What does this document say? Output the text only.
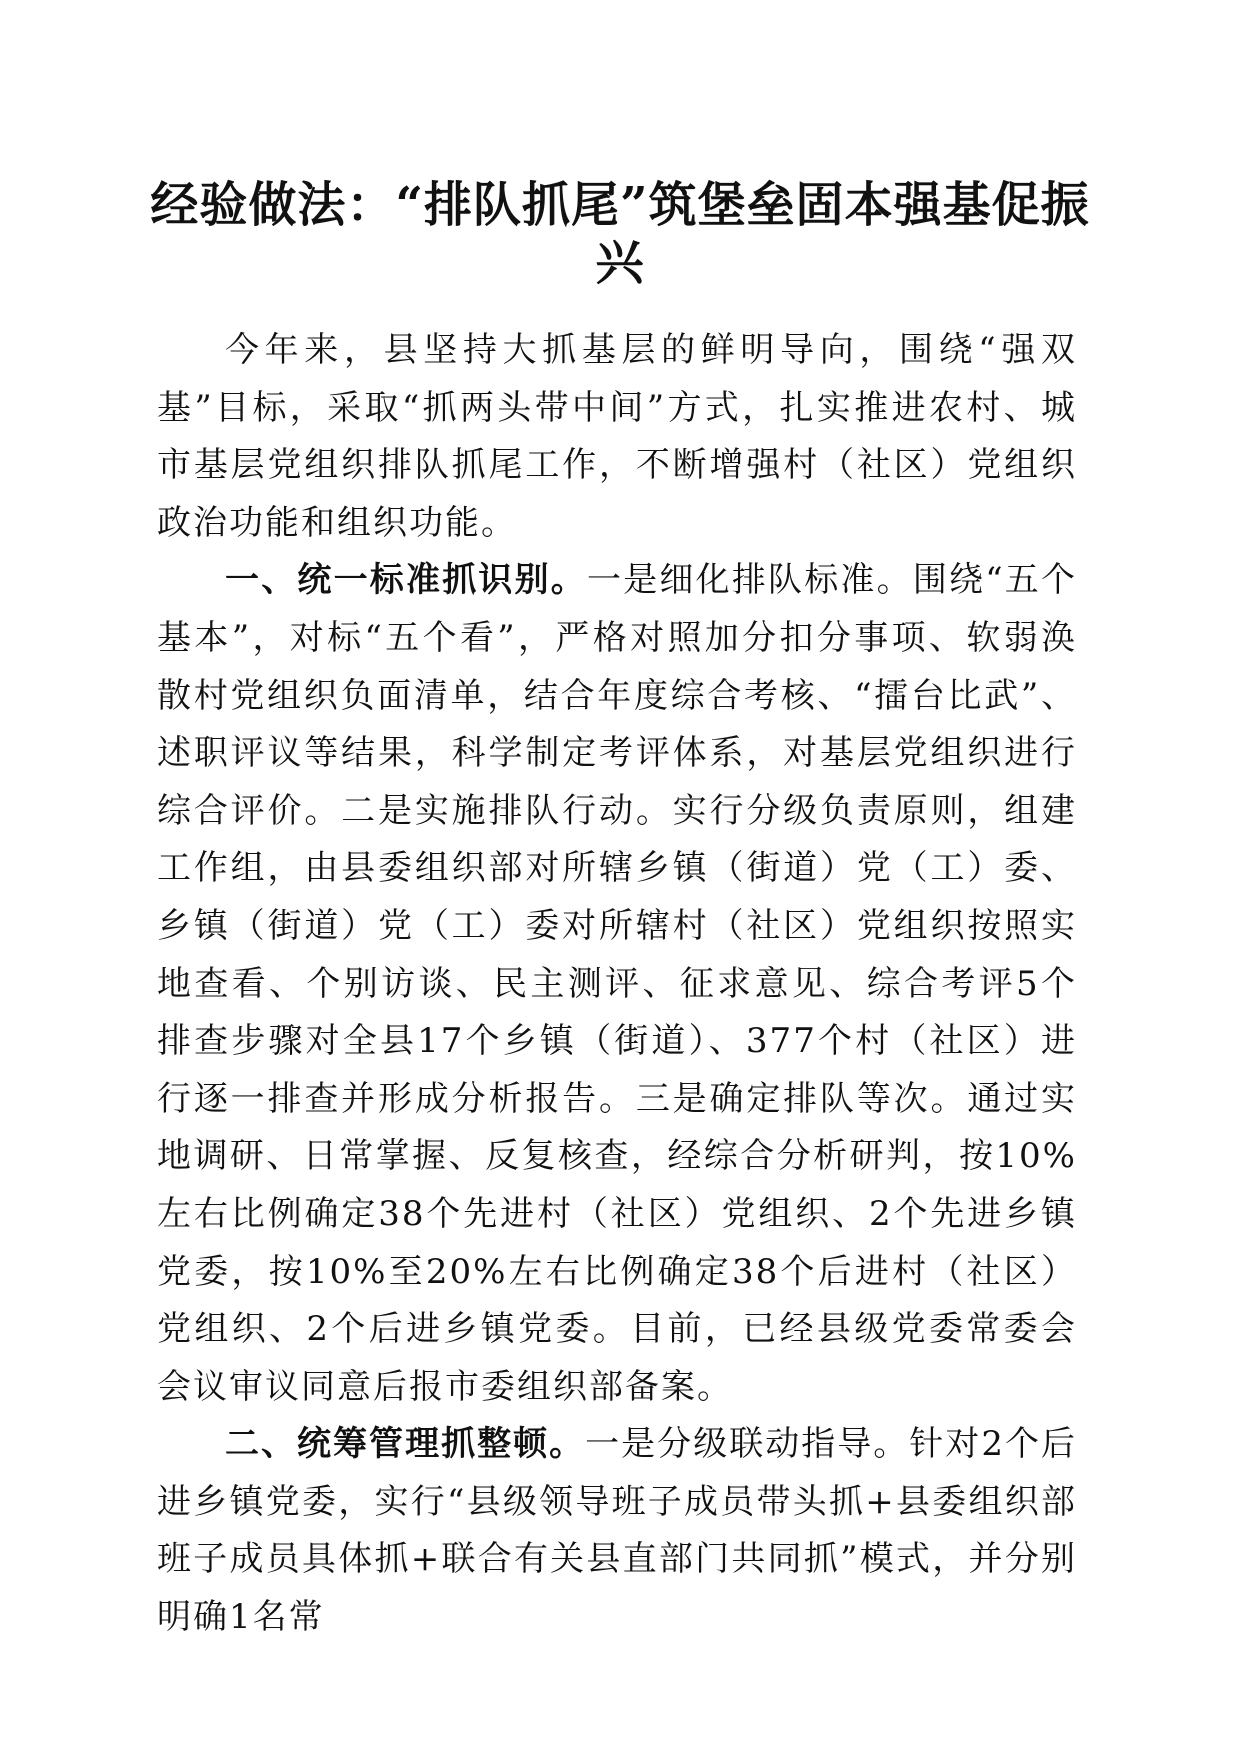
经验做法：“排队抓尾”筑堡垒固本强基促振兴

今年来，县坚持大抓基层的鲜明导向，围绕“强双基”目标，采取“抓两头带中间”方式，扎实推进农村、城市基层党组织排队抓尾工作，不断增强村（社区）党组织政治功能和组织功能。

一、统一标准抓识别。一是细化排队标准。围绕“五个基本”，对标“五个看”，严格对照加分扣分事项、软弱涣散村党组织负面清单，结合年度综合考核、“擂台比武”、述职评议等结果，科学制定考评体系，对基层党组织进行综合评价。二是实施排队行动。实行分级负责原则，组建工作组，由县委组织部对所辖乡镇（街道）党（工）委、乡镇（街道）党（工）委对所辖村（社区）党组织按照实地查看、个别访谈、民主测评、征求意见、综合考评5个排查步骤对全县17个乡镇（街道）、377个村（社区）进行逐一排查并形成分析报告。三是确定排队等次。通过实地调研、日常掌握、反复核查，经综合分析研判，按10%左右比例确定38个先进村（社区）党组织、2个先进乡镇党委，按10%至20%左右比例确定38个后进村（社区）党组织、2个后进乡镇党委。目前，已经县级党委常委会会议审议同意后报市委组织部备案。

二、统筹管理抓整顿。一是分级联动指导。针对2个后进乡镇党委，实行“县级领导班子成员带头抓+县委组织部班子成员具体抓+联合有关县直部门共同抓”模式，并分别明确1名常
